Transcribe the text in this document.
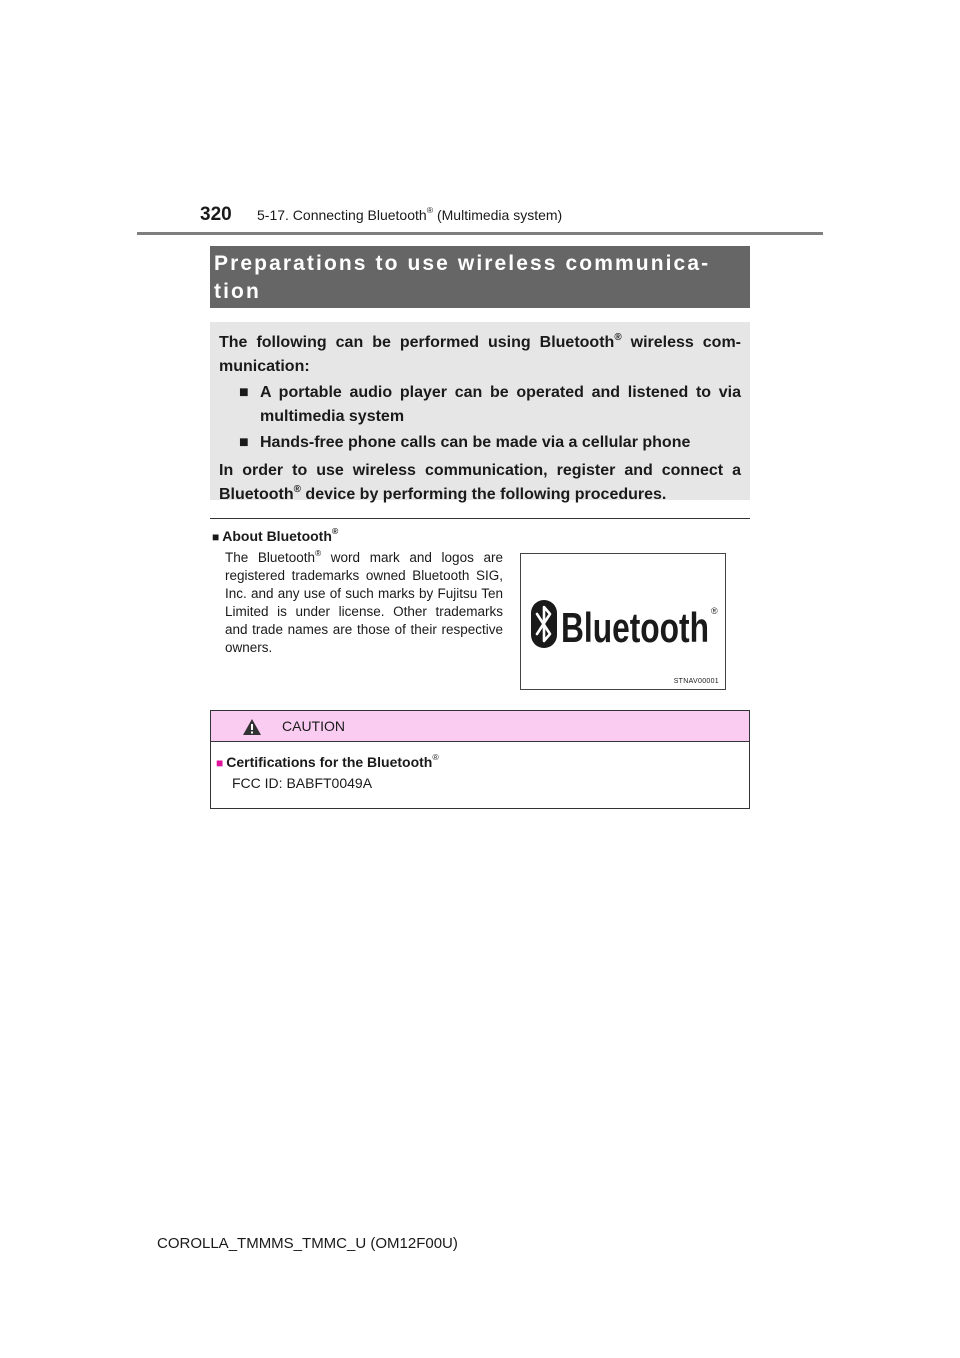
320 5-17. Connecting Bluetooth® (Multimedia system)
Preparations to use wireless communica-
tion

The following can be performed using Bluetooth® wireless com-munication:

■ A portable audio player can be operated and listened to via multimedia system

■ Hands-free phone calls can be made via a cellular phone

In order to use wireless communication, register and connect a Bluetooth® device by performing the following procedures.

■ About Bluetooth®
The Bluetooth® word mark and logos are registered trademarks owned Bluetooth SIG, Inc. and any use of such marks by Fujitsu Ten Limited is under license. Other trademarks and trade names are those of their respective owners.	Bluetooth ®
STNAV00001
CAUTION
■ Certifications for the Bluetooth®
FCC ID: BABFT0049A
COROLLA_TMMMS_TMMC_U (OM12F00U)
